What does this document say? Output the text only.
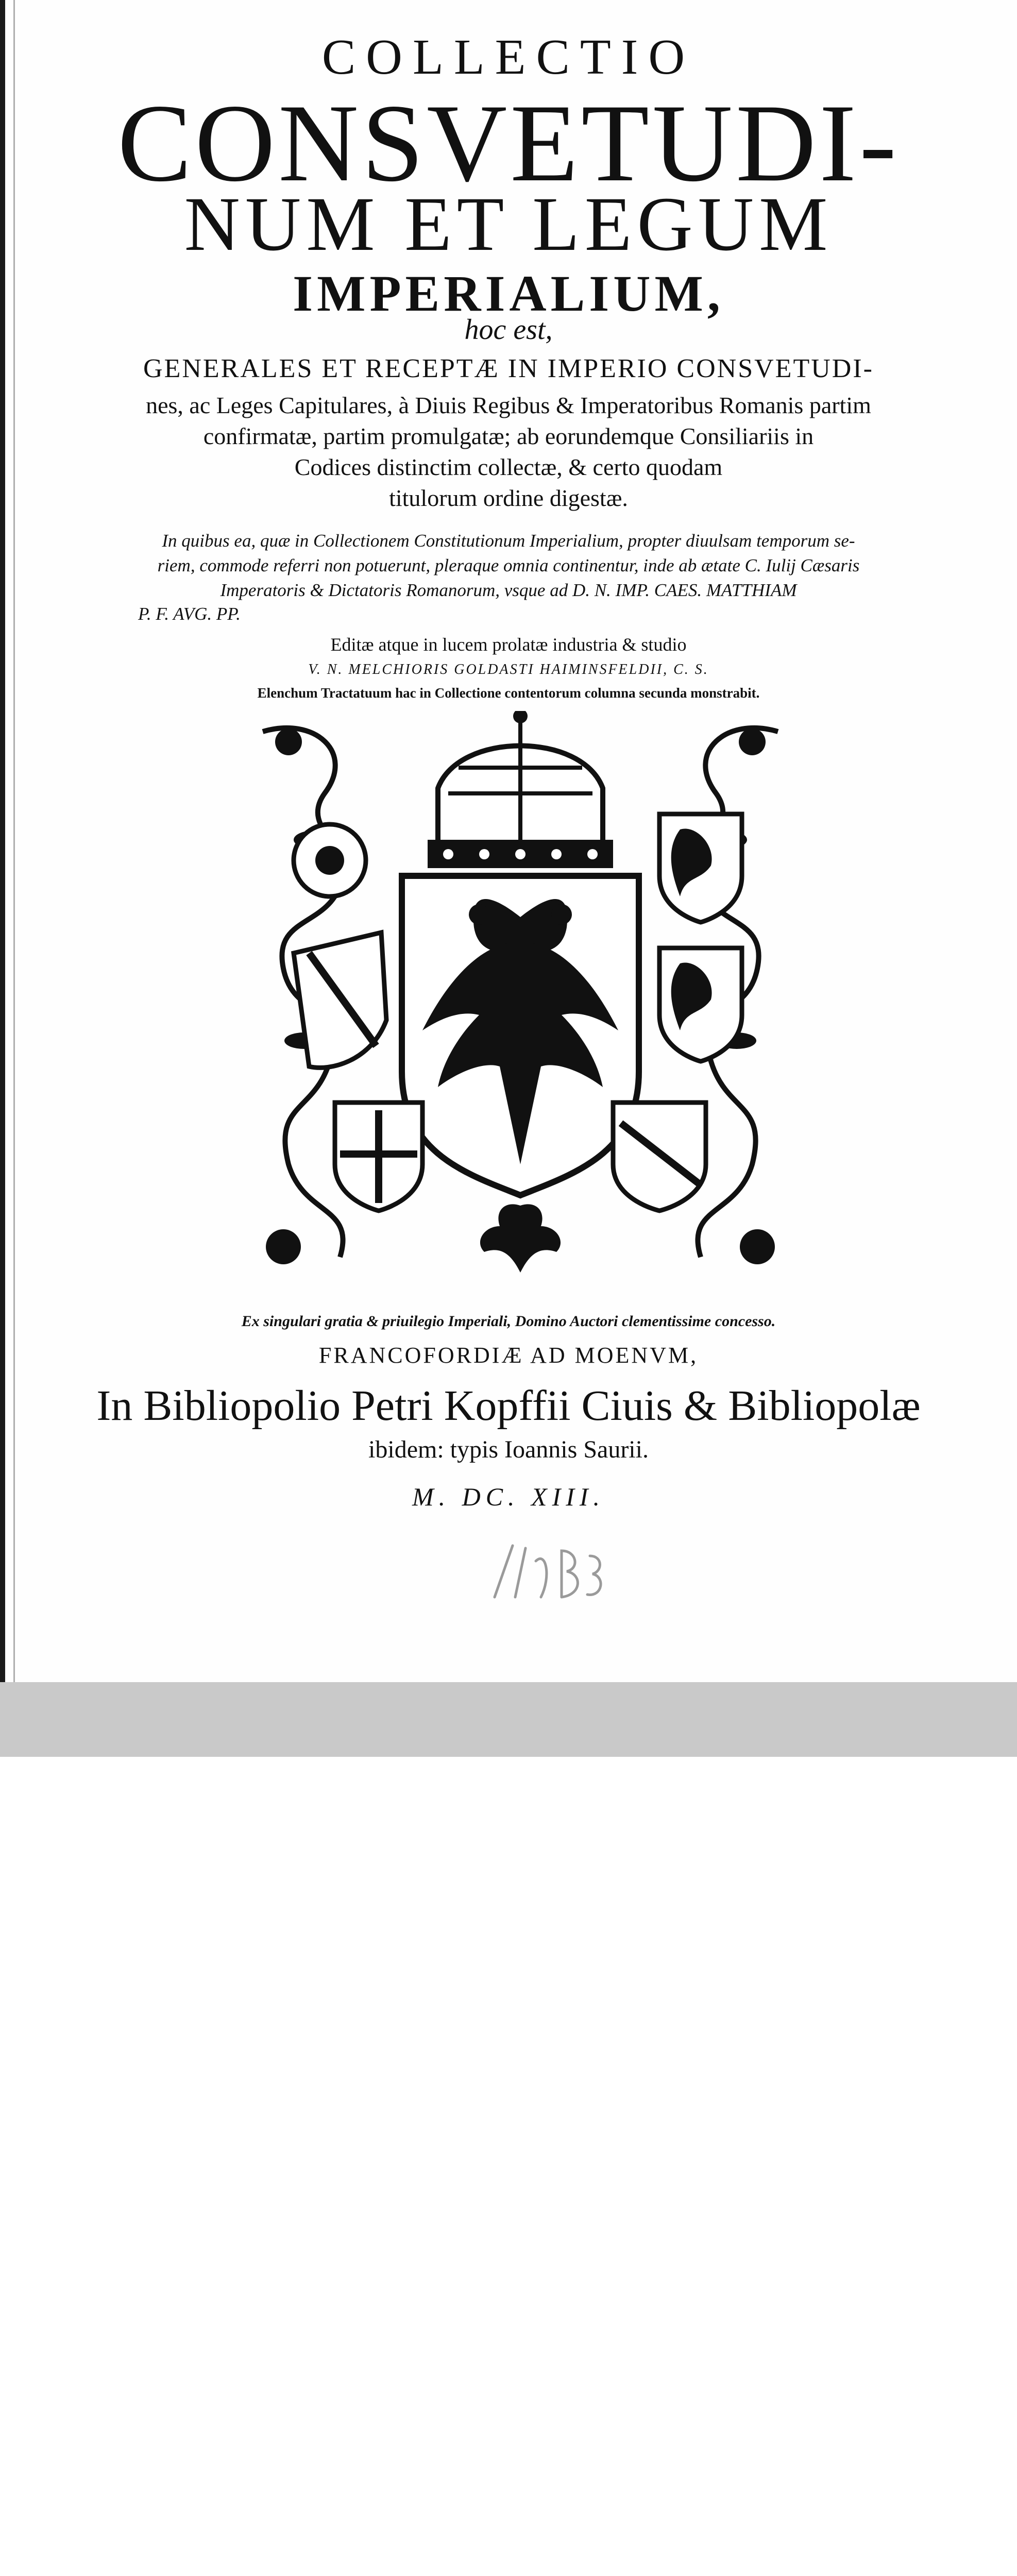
COLLECTIO

CONSVETUDI-

NUM ET LEGUM

IMPERIALIUM,

hoc est,

GENERALES ET RECEPTÆ IN IMPERIO CONSVETUDI-

nes, ac Leges Capitulares, à Diuis Regibus & Imperatoribus Romanis partim

confirmatæ, partim promulgatæ; ab eorundemque Consiliariis in

Codices distinctim collectæ, & certo quodam

titulorum ordine digestæ.

In quibus ea, quæ in Collectionem Constitutionum Imperialium, propter diuulsam temporum se-

riem, commode referri non potuerunt, pleraque omnia continentur, inde ab ætate C. Iulij Cæsaris

Imperatoris & Dictatoris Romanorum, vsque ad D. N. IMP. CAES. MATTHIAM

P. F. AVG. PP.

Editæ atque in lucem prolatæ industria & studio

V. N. MELCHIORIS GOLDASTI HAIMINSFELDII, C. S.

Elenchum Tractatuum hac in Collectione contentorum columna secunda monstrabit.

Ex singulari gratia & priuilegio Imperiali, Domino Auctori clementissime concesso.

FRANCOFORDIÆ AD MOENVM,

In Bibliopolio Petri Kopffii Ciuis & Bibliopolæ

ibidem: typis Ioannis Saurii.

M. DC. XIII.
